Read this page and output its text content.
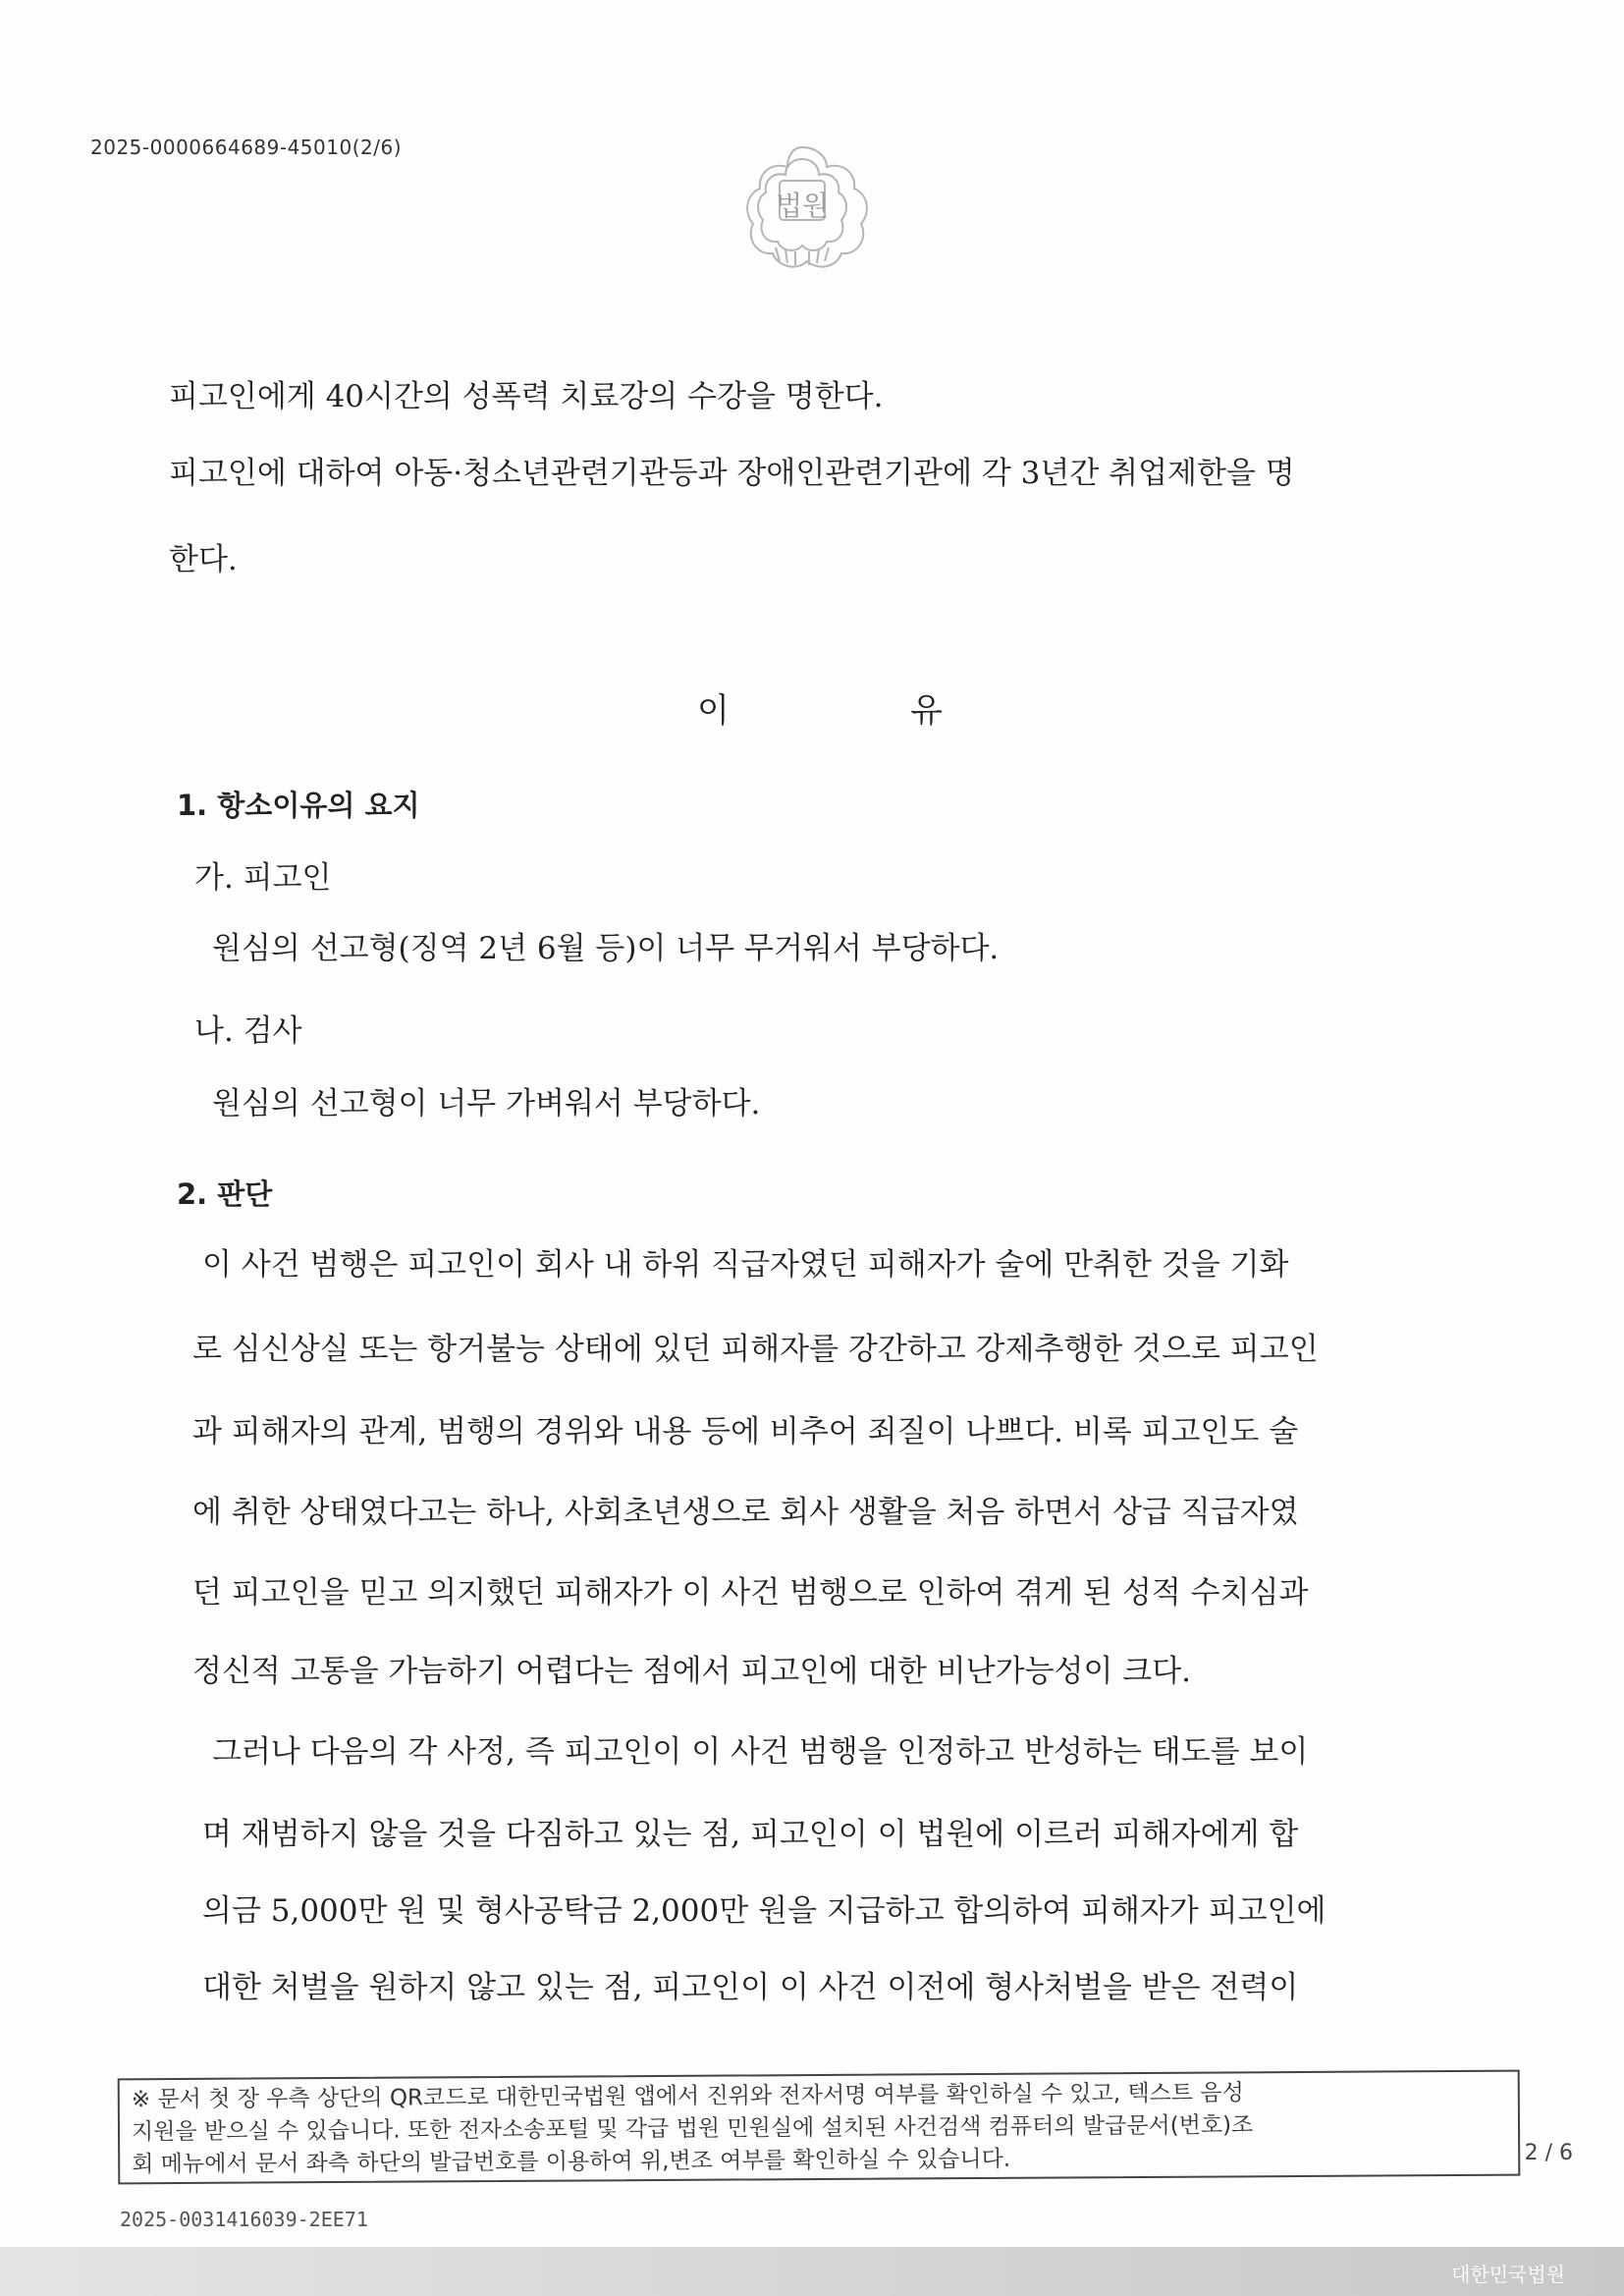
2025-0000664689-45010(2/6)
법원
피고인에게 40시간의 성폭력 치료강의 수강을 명한다.
피고인에 대하여 아동·청소년관련기관등과 장애인관련기관에 각 3년간 취업제한을 명
한다.
이	유
1. 항소이유의 요지
가. 피고인
원심의 선고형(징역 2년 6월 등)이 너무 무거워서 부당하다.
나. 검사
원심의 선고형이 너무 가벼워서 부당하다.
2. 판단
이 사건 범행은 피고인이 회사 내 하위 직급자였던 피해자가 술에 만취한 것을 기화
로 심신상실 또는 항거불능 상태에 있던 피해자를 강간하고 강제추행한 것으로 피고인
과 피해자의 관계, 범행의 경위와 내용 등에 비추어 죄질이 나쁘다. 비록 피고인도 술
에 취한 상태였다고는 하나, 사회초년생으로 회사 생활을 처음 하면서 상급 직급자였
던 피고인을 믿고 의지했던 피해자가 이 사건 범행으로 인하여 겪게 된 성적 수치심과
정신적 고통을 가늠하기 어렵다는 점에서 피고인에 대한 비난가능성이 크다.
그러나 다음의 각 사정, 즉 피고인이 이 사건 범행을 인정하고 반성하는 태도를 보이
며 재범하지 않을 것을 다짐하고 있는 점, 피고인이 이 법원에 이르러 피해자에게 합
의금 5,000만 원 및 형사공탁금 2,000만 원을 지급하고 합의하여 피해자가 피고인에
대한 처벌을 원하지 않고 있는 점, 피고인이 이 사건 이전에 형사처벌을 받은 전력이
※ 문서 첫 장 우측 상단의 QR코드로 대한민국법원 앱에서 진위와 전자서명 여부를 확인하실 수 있고, 텍스트 음성
지원을 받으실 수 있습니다. 또한 전자소송포털 및 각급 법원 민원실에 설치된 사건검색 컴퓨터의 발급문서(번호)조
회 메뉴에서 문서 좌측 하단의 발급번호를 이용하여 위,변조 여부를 확인하실 수 있습니다.	2 / 6
2025-0031416039-2EE71
대한민국법원
